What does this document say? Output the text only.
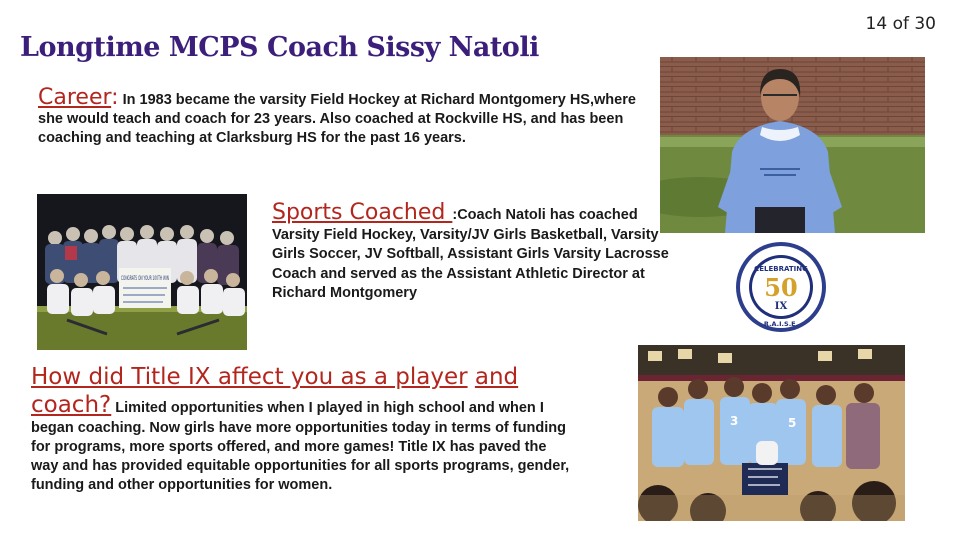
14 of 30
Longtime MCPS Coach Sissy Natoli
Career: In 1983 became the varsity Field Hockey at Richard Montgomery HS,where she would teach and coach for 23 years. Also coached at Rockville HS, and has been coaching and teaching at Clarksburg HS for the past 16 years.
CONGRATS ON YOUR 100TH WIN
Sports Coached :Coach Natoli has coached Varsity Field Hockey, Varsity/JV Girls Basketball, Varsity Girls Soccer, JV Softball, Assistant Girls Varsity Lacrosse Coach and served as the Assistant Athletic Director at Richard Montgomery
CELEBRATING
50
IX
R.A.I.S.E.
How did Title IX affect you as a player and coach? Limited opportunities when I played in high school and when I began coaching. Now girls have more opportunities today in terms of funding for programs, more sports offered, and more games! Title IX has paved the way and has provided equitable opportunities for all sports programs, gender, funding and other opportunities for women.
3	5
